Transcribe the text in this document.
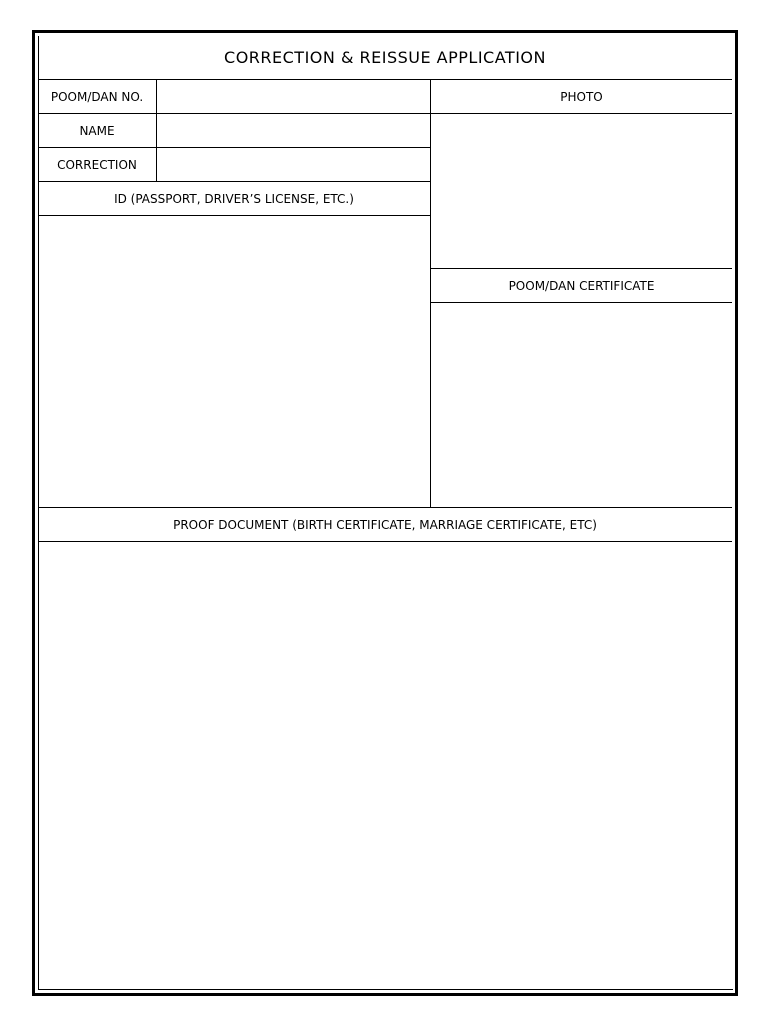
CORRECTION & REISSUE APPLICATION
POOM/DAN NO.	PHOTO
NAME
CORRECTION
ID (PASSPORT, DRIVER’S LICENSE, ETC.)
POOM/DAN CERTIFICATE
PROOF DOCUMENT (BIRTH CERTIFICATE, MARRIAGE CERTIFICATE, ETC)
